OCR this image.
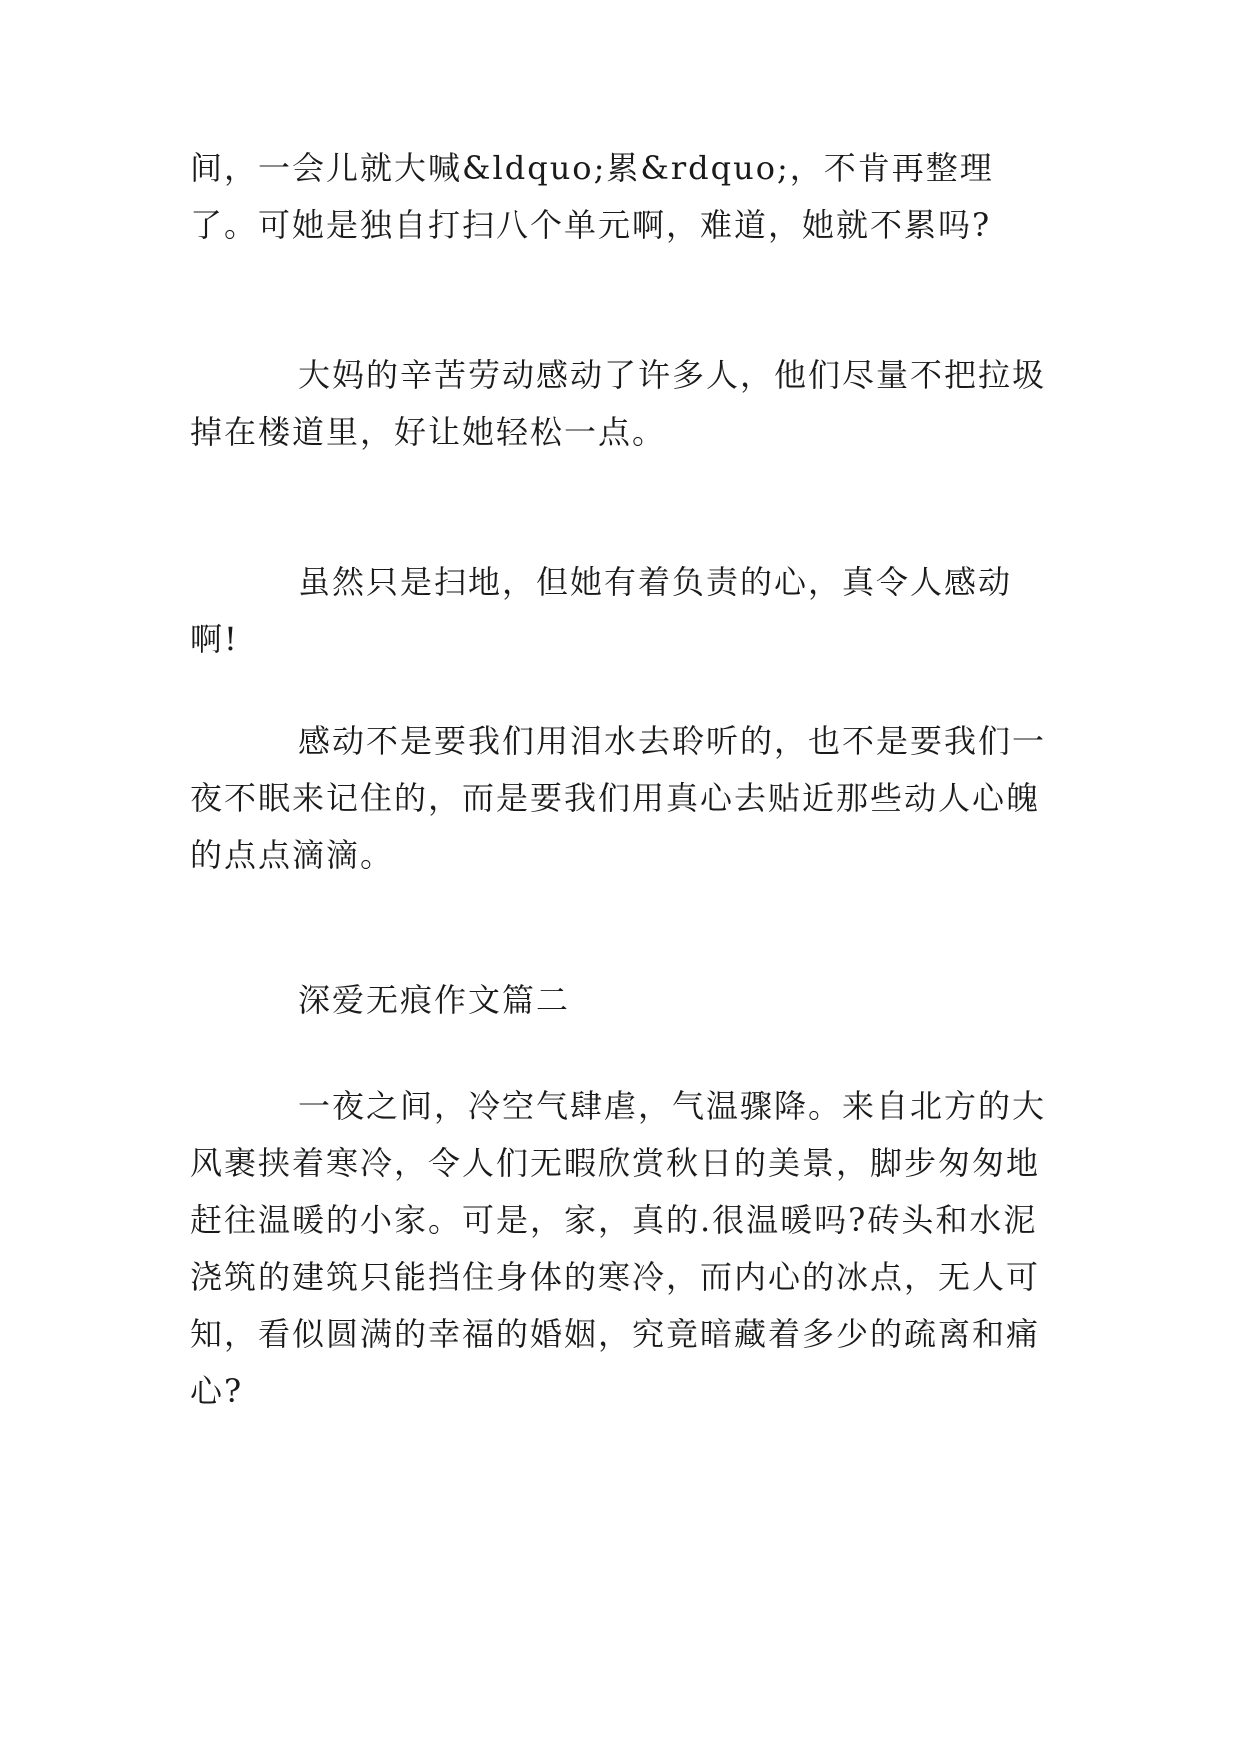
间，一会儿就大喊&ldquo;累&rdquo;，不肯再整理了。可她是独自打扫八个单元啊，难道，她就不累吗?

大妈的辛苦劳动感动了许多人，他们尽量不把拉圾掉在楼道里，好让她轻松一点。

虽然只是扫地，但她有着负责的心，真令人感动啊!

感动不是要我们用泪水去聆听的，也不是要我们一夜不眠来记住的，而是要我们用真心去贴近那些动人心魄的点点滴滴。

深爱无痕作文篇二

一夜之间，冷空气肆虐，气温骤降。来自北方的大风裹挟着寒冷，令人们无暇欣赏秋日的美景，脚步匆匆地赶往温暖的小家。可是，家，真的.很温暖吗?砖头和水泥浇筑的建筑只能挡住身体的寒冷，而内心的冰点，无人可知，看似圆满的幸福的婚姻，究竟暗藏着多少的疏离和痛心?
